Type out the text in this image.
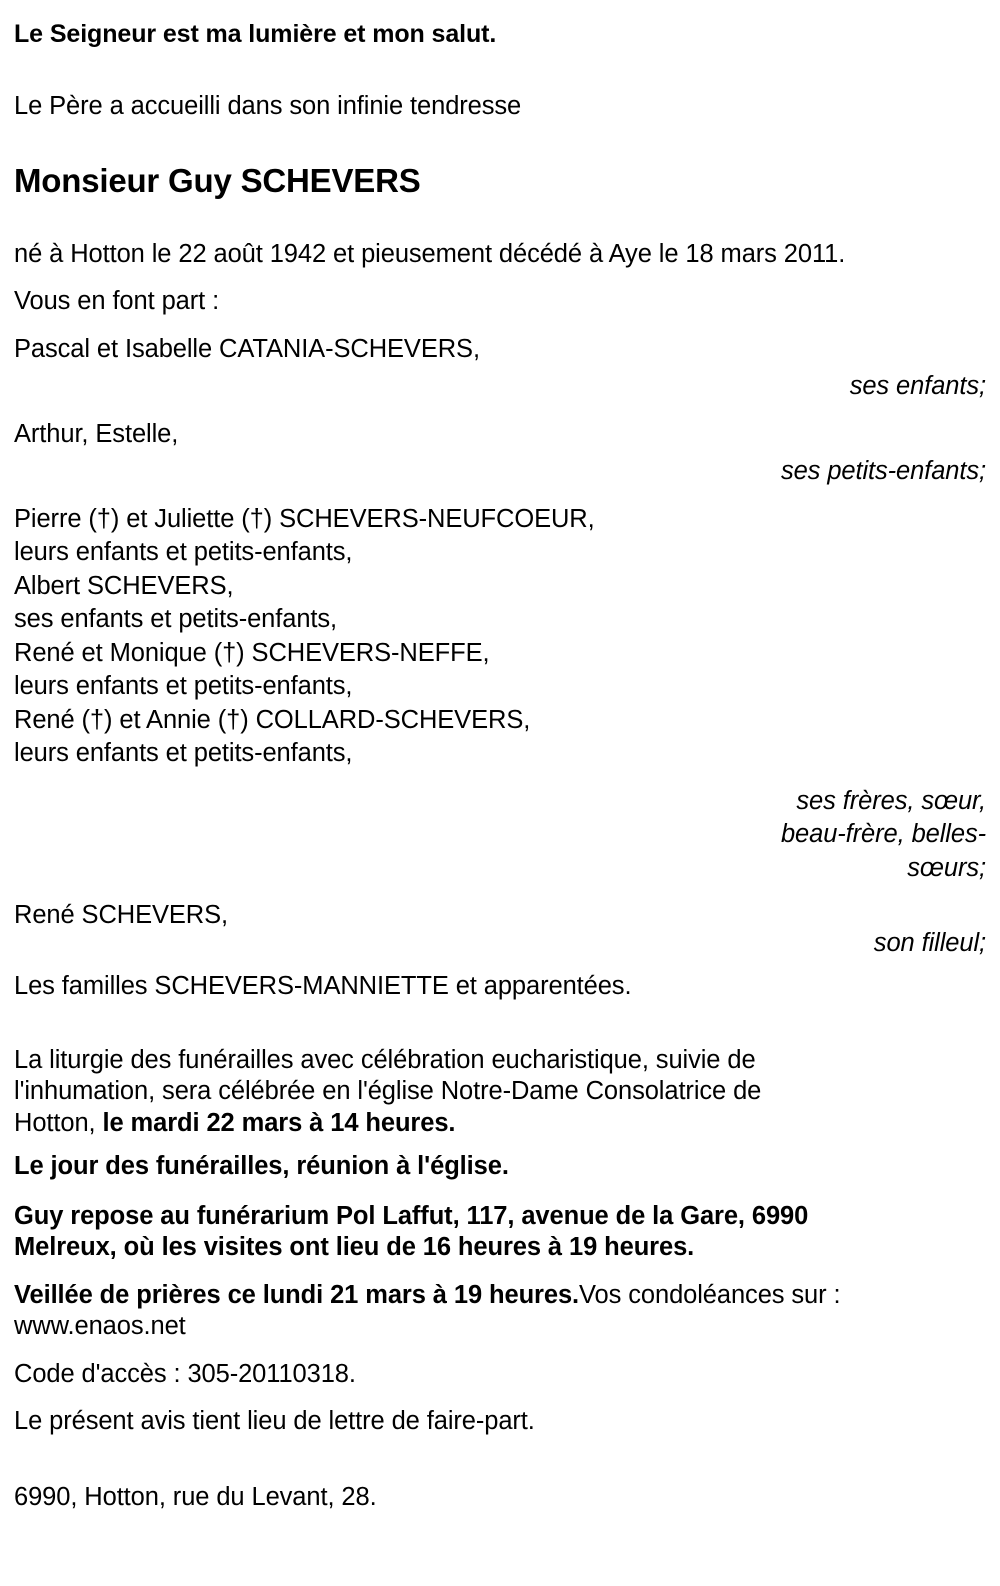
Le Seigneur est ma lumière et mon salut.
Le Père a accueilli dans son infinie tendresse
Monsieur Guy SCHEVERS
né à Hotton le 22 août 1942 et pieusement décédé à Aye le 18 mars 2011.
Vous en font part :
Pascal et Isabelle CATANIA-SCHEVERS,
ses enfants;
Arthur, Estelle,
ses petits-enfants;
Pierre (†) et Juliette (†) SCHEVERS-NEUFCOEUR,
leurs enfants et petits-enfants,
Albert SCHEVERS,
ses enfants et petits-enfants,
René et Monique (†) SCHEVERS-NEFFE,
leurs enfants et petits-enfants,
René (†) et Annie (†) COLLARD-SCHEVERS,
leurs enfants et petits-enfants,
ses frères, sœur,
beau-frère, belles-
sœurs;
René SCHEVERS,
son filleul;
Les familles SCHEVERS-MANNIETTE et apparentées.
La liturgie des funérailles avec célébration eucharistique, suivie de
l'inhumation, sera célébrée en l'église Notre-Dame Consolatrice de
Hotton, le mardi 22 mars à 14 heures.
Le jour des funérailles, réunion à l'église.
Guy repose au funérarium Pol Laffut, 117, avenue de la Gare, 6990
Melreux, où les visites ont lieu de 16 heures à 19 heures.
Veillée de prières ce lundi 21 mars à 19 heures.Vos condoléances sur :
www.enaos.net
Code d'accès : 305-20110318.
Le présent avis tient lieu de lettre de faire-part.
6990, Hotton, rue du Levant, 28.
